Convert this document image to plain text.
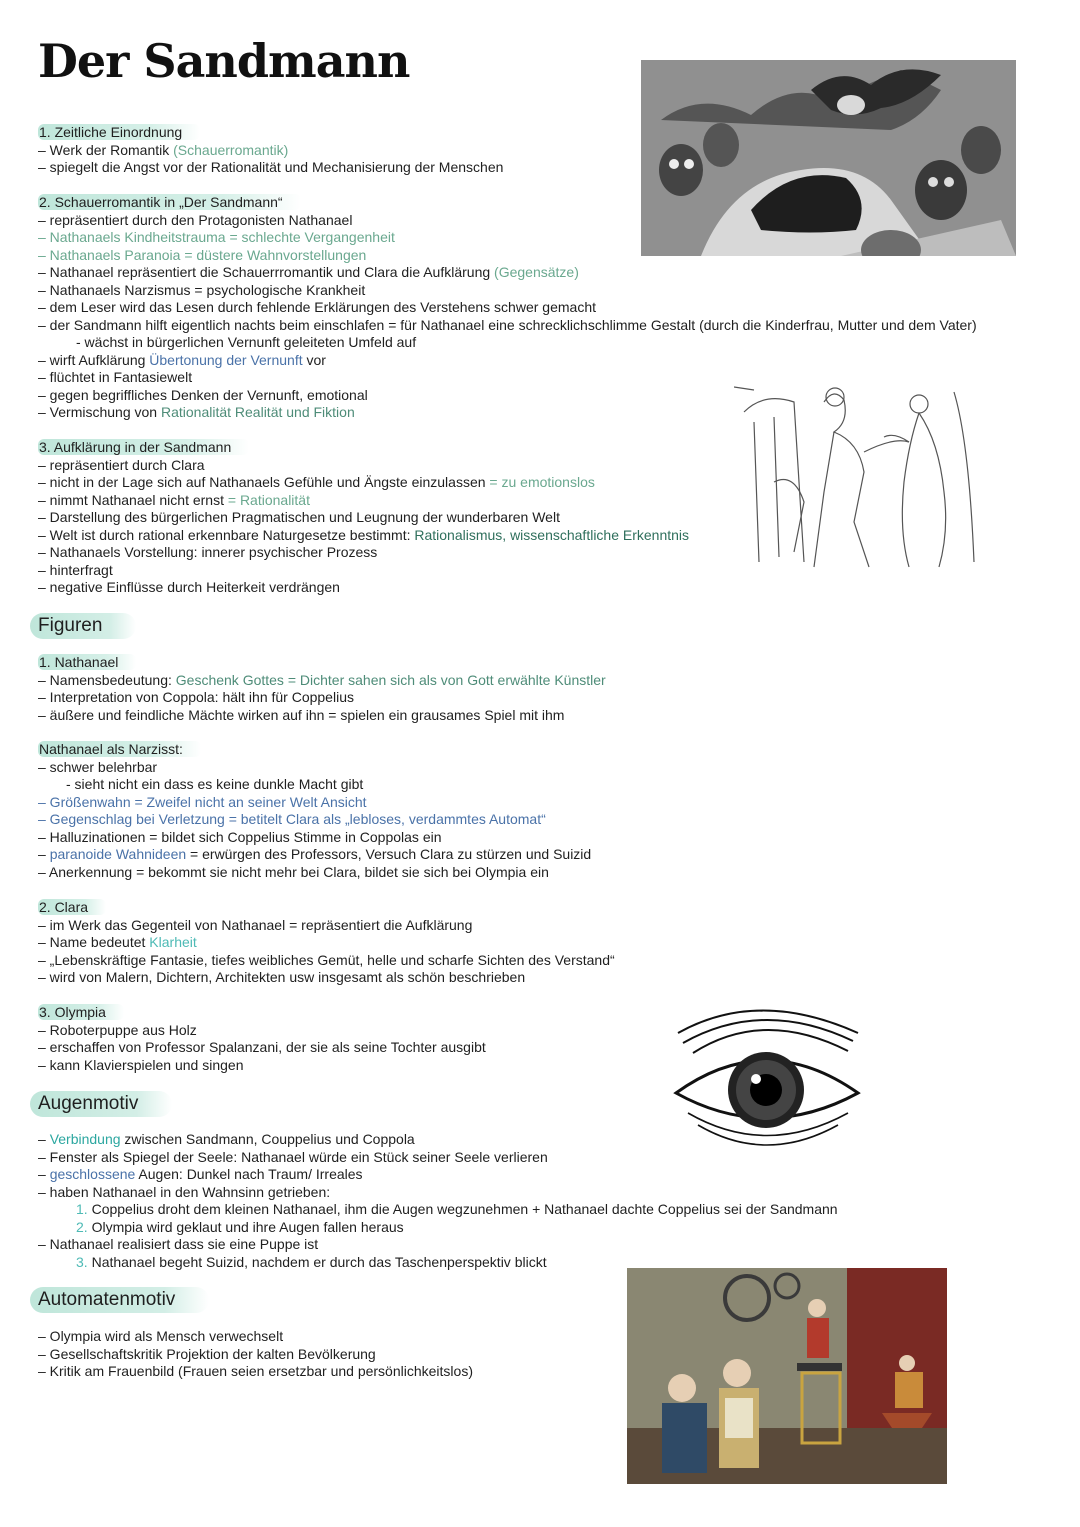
Der Sandmann
1. Zeitliche Einordnung
– Werk der Romantik (Schauerromantik)
– spiegelt die Angst vor der Rationalität und Mechanisierung der Menschen
2. Schauerromantik in „Der Sandmann“
– repräsentiert durch den Protagonisten Nathanael
– Nathanaels Kindheitstrauma = schlechte Vergangenheit
– Nathanaels Paranoia = düstere Wahnvorstellungen
– Nathanael repräsentiert die Schauerrromantik und Clara die Aufklärung (Gegensätze)
– Nathanaels Narzismus = psychologische Krankheit
– dem Leser wird das Lesen durch fehlende Erklärungen des Verstehens schwer gemacht
– der Sandmann hilft eigentlich nachts beim einschlafen = für Nathanael eine schrecklichschlimme Gestalt (durch die Kinderfrau, Mutter und dem Vater)
- wächst in bürgerlichen Vernunft geleiteten Umfeld auf
– wirft Aufklärung Übertonung der Vernunft vor
– flüchtet in Fantasiewelt
– gegen begriffliches Denken der Vernunft, emotional
– Vermischung von Rationalität Realität und Fiktion
3. Aufklärung in der Sandmann
– repräsentiert durch Clara
– nicht in der Lage sich auf Nathanaels Gefühle und Ängste einzulassen = zu emotionslos
– nimmt Nathanael nicht ernst = Rationalität
– Darstellung des bürgerlichen Pragmatischen und Leugnung der wunderbaren Welt
– Welt ist durch rational erkennbare Naturgesetze bestimmt: Rationalismus, wissenschaftliche Erkenntnis
– Nathanaels Vorstellung: innerer psychischer Prozess
– hinterfragt
– negative Einflüsse durch Heiterkeit verdrängen
Figuren
1. Nathanael
– Namensbedeutung: Geschenk Gottes = Dichter sahen sich als von Gott erwählte Künstler
– Interpretation von Coppola: hält ihn für Coppelius
– äußere und feindliche Mächte wirken auf ihn = spielen ein grausames Spiel mit ihm
Nathanael als Narzisst:
– schwer belehrbar
- sieht nicht ein dass es keine dunkle Macht gibt
– Größenwahn = Zweifel nicht an seiner Welt Ansicht
– Gegenschlag bei Verletzung = betitelt Clara als „lebloses, verdammtes Automat“
– Halluzinationen = bildet sich Coppelius Stimme in Coppolas ein
– paranoide Wahnideen = erwürgen des Professors, Versuch Clara zu stürzen und Suizid
– Anerkennung = bekommt sie nicht mehr bei Clara, bildet sie sich bei Olympia ein
2. Clara
– im Werk das Gegenteil von Nathanael = repräsentiert die Aufklärung
– Name bedeutet Klarheit
– „Lebenskräftige Fantasie, tiefes weibliches Gemüt, helle und scharfe Sichten des Verstand“
– wird von Malern, Dichtern, Architekten usw insgesamt als schön beschrieben
3. Olympia
– Roboterpuppe aus Holz
– erschaffen von Professor Spalanzani, der sie als seine Tochter ausgibt
– kann Klavierspielen und singen
Augenmotiv
– Verbindung zwischen Sandmann, Couppelius und Coppola
– Fenster als Spiegel der Seele: Nathanael würde ein Stück seiner Seele verlieren
– geschlossene Augen: Dunkel nach Traum/ Irreales
– haben Nathanael in den Wahnsinn getrieben:
1. Coppelius droht dem kleinen Nathanael, ihm die Augen wegzunehmen + Nathanael dachte Coppelius sei der Sandmann
2. Olympia wird geklaut und ihre Augen fallen heraus
– Nathanael realisiert dass sie eine Puppe ist
3. Nathanael begeht Suizid, nachdem er durch das Taschenperspektiv blickt
Automatenmotiv
– Olympia wird als Mensch verwechselt
– Gesellschaftskritik Projektion der kalten Bevölkerung
– Kritik am Frauenbild (Frauen seien ersetzbar und persönlichkeitslos)
